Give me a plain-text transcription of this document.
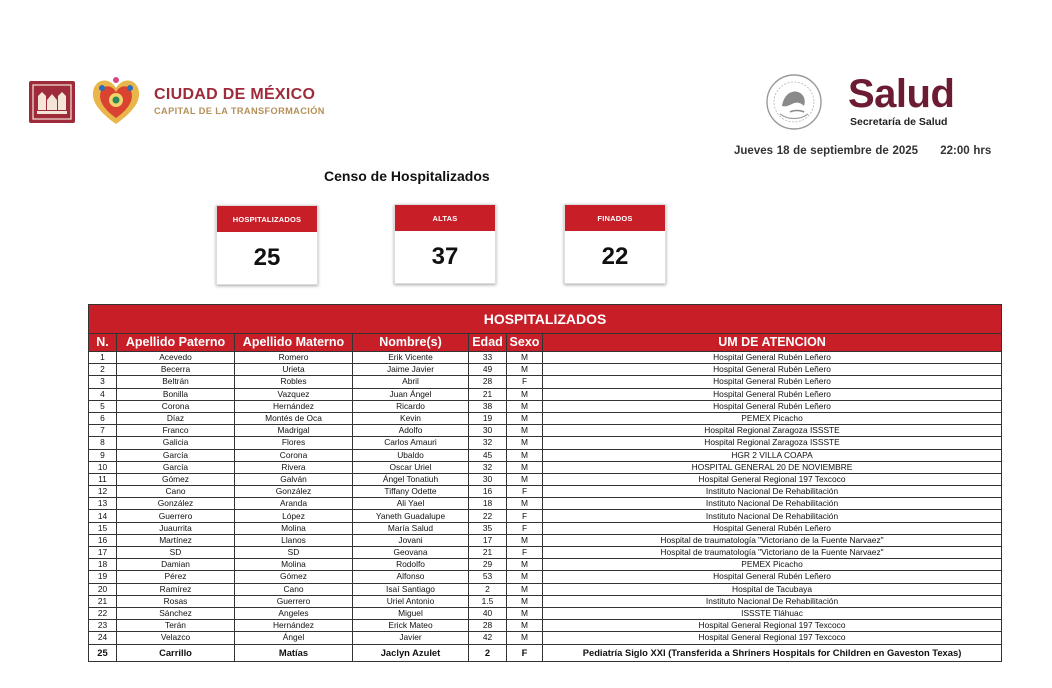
CIUDAD DE MÉXICO
CAPITAL DE LA TRANSFORMACIÓN	Salud
Secretaría de Salud
Jueves 18 de septiembre de 2025 22:00 hrs
Censo de Hospitalizados
HOSPITALIZADOS
25
ALTAS
37
FINADOS
22
HOSPITALIZADOS						
N.	Apellido Paterno	Apellido Materno	Nombre(s)	Edad	Sexo	UM DE ATENCION
1	Acevedo	Romero	Erik Vicente	33	M	Hospital General Rubén Leñero
2	Becerra	Urieta	Jaime Javier	49	M	Hospital General Rubén Leñero
3	Beltrán	Robles	Abril	28	F	Hospital General Rubén Leñero
4	Bonilla	Vazquez	Juan Ángel	21	M	Hospital General Rubén Leñero
5	Corona	Hernández	Ricardo	38	M	Hospital General Rubén Leñero
6	Díaz	Montés de Oca	Kevin	19	M	PEMEX Picacho
7	Franco	Madrigal	Adolfo	30	M	Hospital Regional Zaragoza ISSSTE
8	Galicia	Flores	Carlos Amauri	32	M	Hospital Regional Zaragoza ISSSTE
9	García	Corona	Ubaldo	45	M	HGR 2 VILLA COAPA
10	García	Rivera	Oscar Uriel	32	M	HOSPITAL GENERAL 20 DE NOVIEMBRE
11	Gómez	Galván	Ángel Tonatiuh	30	M	Hospital General Regional 197 Texcoco
12	Cano	González	Tiffany Odette	16	F	Instituto Nacional De Rehabilitación
13	González	Aranda	Ali Yael	18	M	Instituto Nacional De Rehabilitación
14	Guerrero	López	Yaneth Guadalupe	22	F	Instituto Nacional De Rehabilitación
15	Juaurrita	Molina	María Salud	35	F	Hospital General Rubén Leñero
16	Martínez	Llanos	Jovani	17	M	Hospital de traumatología "Victoriano de la Fuente Narvaez"
17	SD	SD	Geovana	21	F	Hospital de traumatología "Victoriano de la Fuente Narvaez"
18	Damian	Molina	Rodolfo	29	M	PEMEX Picacho
19	Pérez	Gómez	Alfonso	53	M	Hospital General Rubén Leñero
20	Ramírez	Cano	Isaí Santiago	2	M	Hospital de Tacubaya
21	Rosas	Guerrero	Uriel Antonio	1.5	M	Instituto Nacional De Rehabilitación
22	Sánchez	Angeles	Miguel	40	M	ISSSTE Tláhuac
23	Terán	Hernández	Erick Mateo	28	M	Hospital General Regional 197 Texcoco
24	Velazco	Ángel	Javier	42	M	Hospital General Regional 197 Texcoco
25	Carrillo	Matías	Jaclyn Azulet	2	F	Pediatría Siglo XXI (Transferida a Shriners Hospitals for Children en Gaveston Texas)
